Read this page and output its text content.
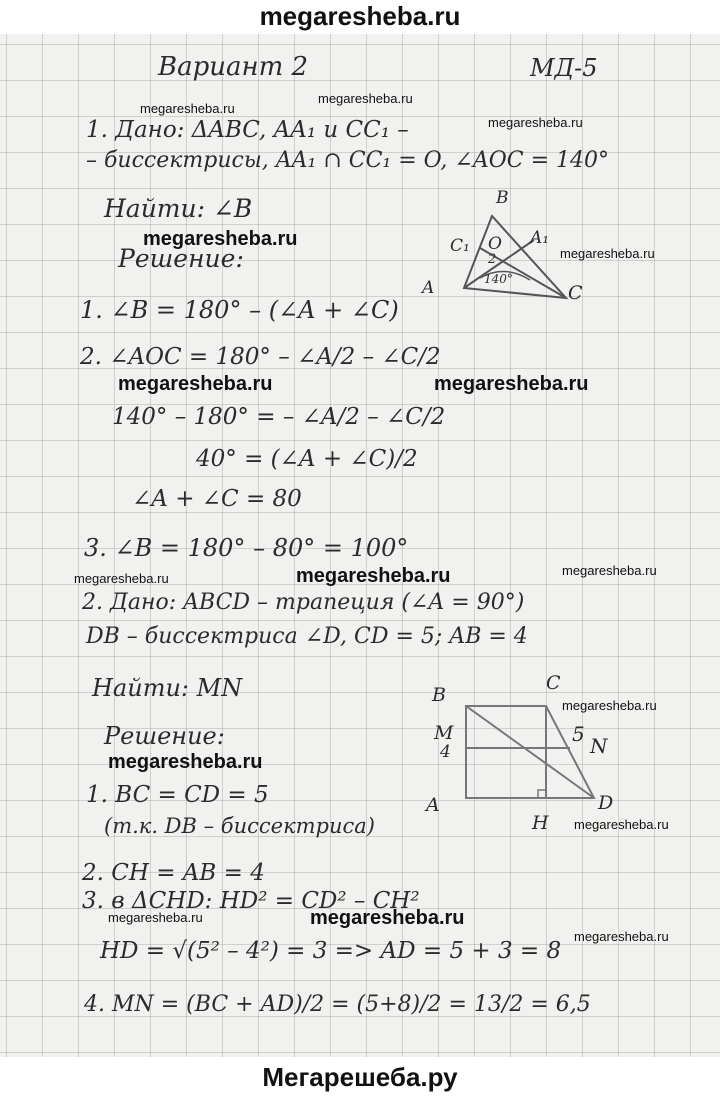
megaresheba.ru
megaresheba.ru
megaresheba.ru
megaresheba.ru
megaresheba.ru
megaresheba.ru
megaresheba.ru	megaresheba.ru
megaresheba.ru	megaresheba.ru	megaresheba.ru
megaresheba.ru
megaresheba.ru
megaresheba.ru
megaresheba.ru	megaresheba.ru
megaresheba.ru
Вариант 2	МД-5
1. Дано: ΔABC, AA₁ и CC₁ –
– биссектрисы, AA₁ ∩ CC₁ = O, ∠AOC = 140°
Найти: ∠B
Решение:
1. ∠B = 180° – (∠A + ∠C)
2. ∠AOC = 180° – ∠A/2 – ∠C/2
140° – 180° = – ∠A/2 – ∠C/2
40° = (∠A + ∠C)/2
∠A + ∠C = 80
3. ∠B = 180° – 80° = 100°
2. Дано: ABCD – трапеция (∠A = 90°)
DB – биссектриса ∠D, CD = 5; AB = 4
Найти: MN
Решение:
1. BC = CD = 5
(т.к. DB – биссектриса)
2. CH = AB = 4
3. в ΔCHD: HD² = CD² – CH²
HD = √(5² – 4²) = 3 => AD = 5 + 3 = 8
4. MN = (BC + AD)/2 = (5+8)/2 = 13/2 = 6,5
B
C₁ O A₁
2
A	140°
C
B
C
M
4
5 N
A
H
D
Мегарешеба.ру
